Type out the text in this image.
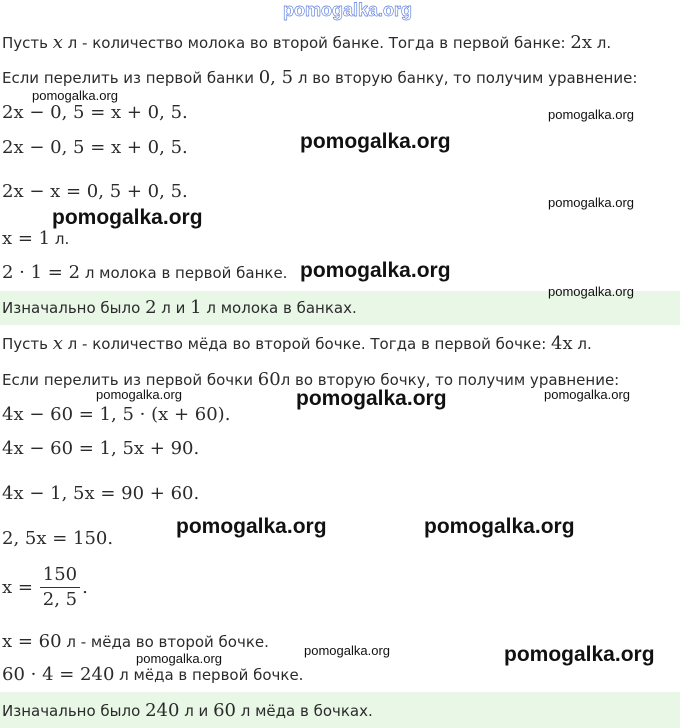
pomogalka.org
Пусть x л - количество молока во второй банке. Тогда в первой банке: 2x л.
Если перелить из первой банки 0, 5 л во вторую банку, то получим уравнение:
2x − 0, 5 = x + 0, 5.
2x − 0, 5 = x + 0, 5.
2x − x = 0, 5 + 0, 5.
x = 1 л.
2 · 1 = 2 л молока в первой банке.
Изначально было 2 л и 1 л молока в банках.
Пусть x л - количество мёда во второй бочке. Тогда в первой бочке: 4x л.
Если перелить из первой бочки 60л во вторую бочку, то получим уравнение:
4x − 60 = 1, 5 · (x + 60).
4x − 60 = 1, 5x + 90.
4x − 1, 5x = 90 + 60.
2, 5x = 150.
$x = \frac{150}{2, 5}$ .
x = 60 л - мёда во второй бочке.
60 · 4 = 240 л мёда в первой бочке.
Изначально было 240 л и 60 л мёда в бочках.
pomogalka.org
pomogalka.org
pomogalka.org
pomogalka.org
pomogalka.org
pomogalka.org
pomogalka.org
pomogalka.org	pomogalka.org	pomogalka.org
pomogalka.org	pomogalka.org
pomogalka.org	pomogalka.org
pomogalka.org
